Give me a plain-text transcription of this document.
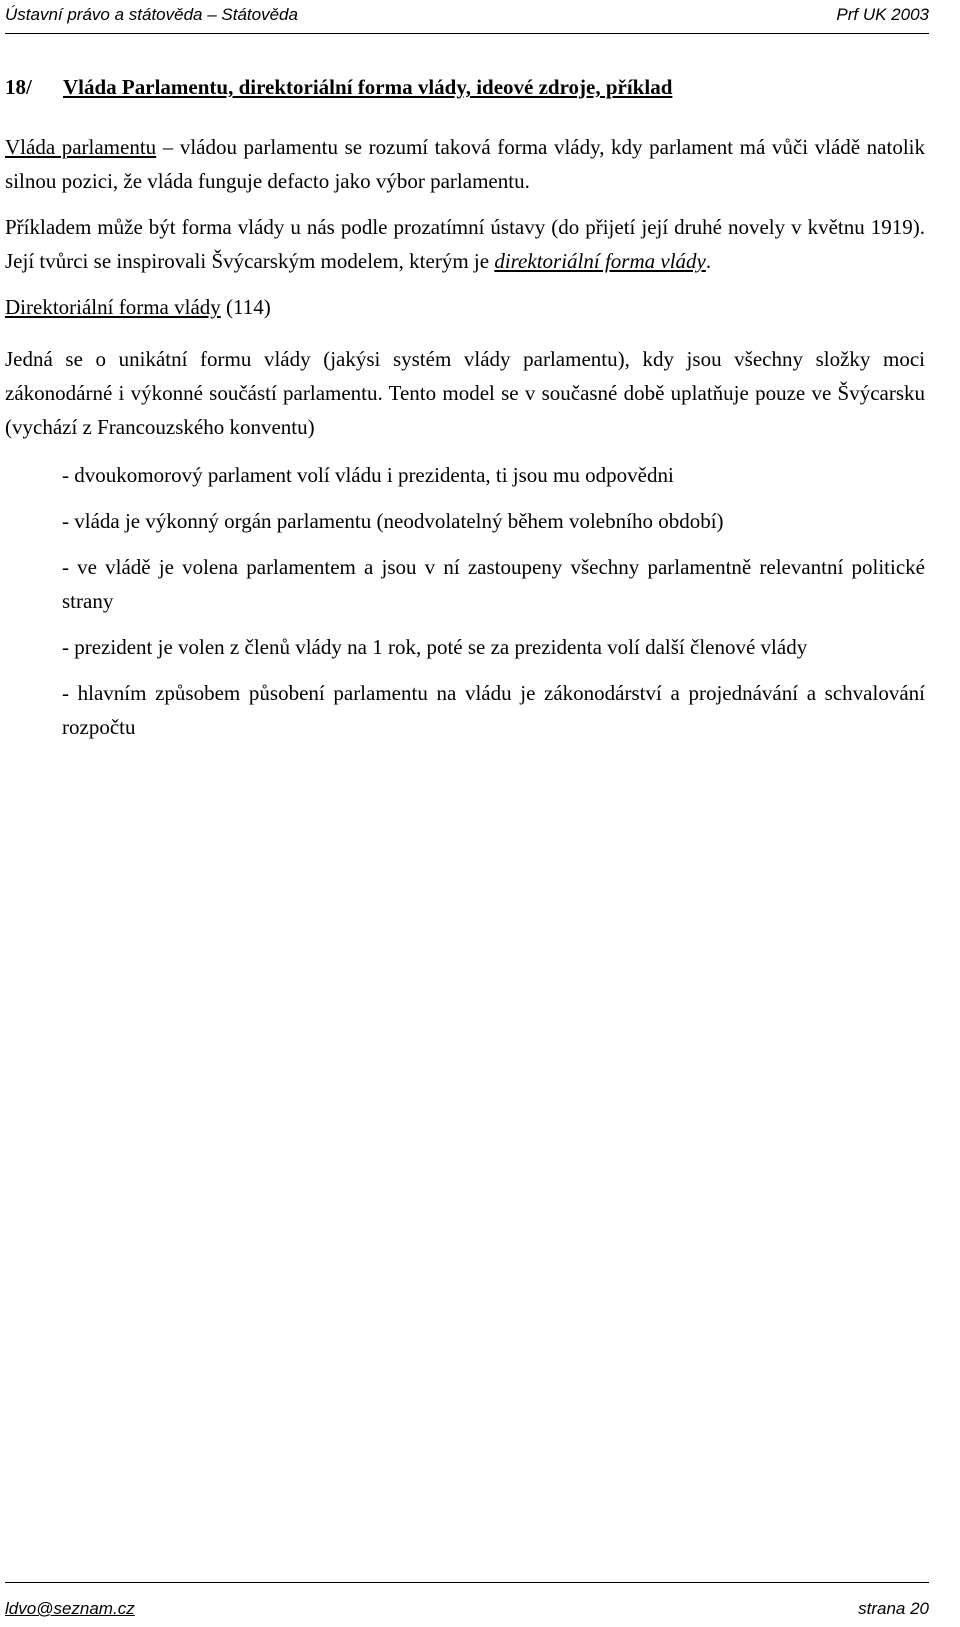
Ústavní právo a státověda – Státověda	Prf UK 2003
18/ Vláda Parlamentu, direktoriální forma vlády, ideové zdroje, příklad

Vláda parlamentu – vládou parlamentu se rozumí taková forma vlády, kdy parlament má vůči vládě natolik silnou pozici, že vláda funguje defacto jako výbor parlamentu.

Příkladem může být forma vlády u nás podle prozatímní ústavy (do přijetí její druhé novely v květnu 1919). Její tvůrci se inspirovali Švýcarským modelem, kterým je direktoriální forma vlády.

Direktoriální forma vlády (114)

Jedná se o unikátní formu vlády (jakýsi systém vlády parlamentu), kdy jsou všechny složky moci zákonodárné i výkonné součástí parlamentu. Tento model se v současné době uplatňuje pouze ve Švýcarsku (vychází z Francouzského konventu)

- dvoukomorový parlament volí vládu i prezidenta, ti jsou mu odpovědni

- vláda je výkonný orgán parlamentu (neodvolatelný během volebního období)

- ve vládě je volena parlamentem a jsou v ní zastoupeny všechny parlamentně relevantní politické strany

- prezident je volen z členů vlády na 1 rok, poté se za prezidenta volí další členové vlády

- hlavním způsobem působení parlamentu na vládu je zákonodárství a projednávání a schvalování rozpočtu

ldvo@seznam.cz	strana 20
